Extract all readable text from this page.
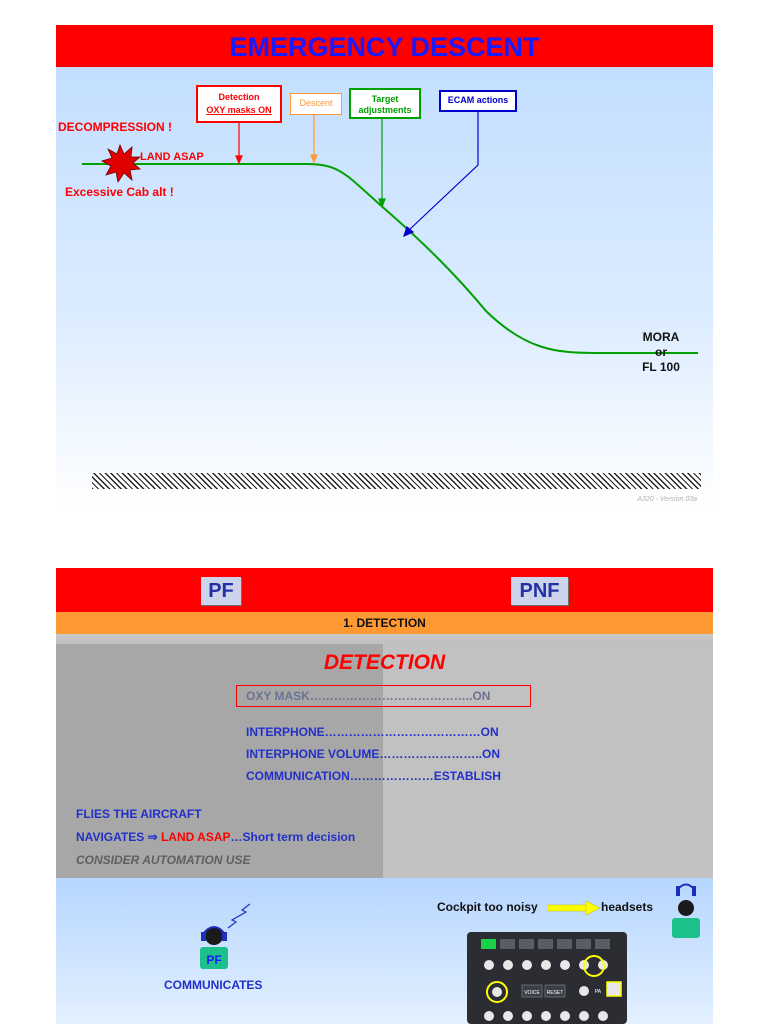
EMERGENCY DESCENT
DECOMPRESSION !
LAND ASAP
Excessive Cab alt !
Detection
OXY masks ON
Descent	Target
adjustments
ECAM actions
MORA
or
FL 100
A320 - Version 03a
PF	PNF
1. DETECTION
DETECTION
OXY MASK…………………………………..ON
INTERPHONE…………………………………ON
INTERPHONE VOLUME……………………..ON
COMMUNICATION…………………ESTABLISH
FLIES THE AIRCRAFT
NAVIGATES ⇒ LAND ASAP…Short term decision
CONSIDER AUTOMATION USE
PF
COMMUNICATES
Cockpit too noisy	headsets
VOICE RESET	PA
